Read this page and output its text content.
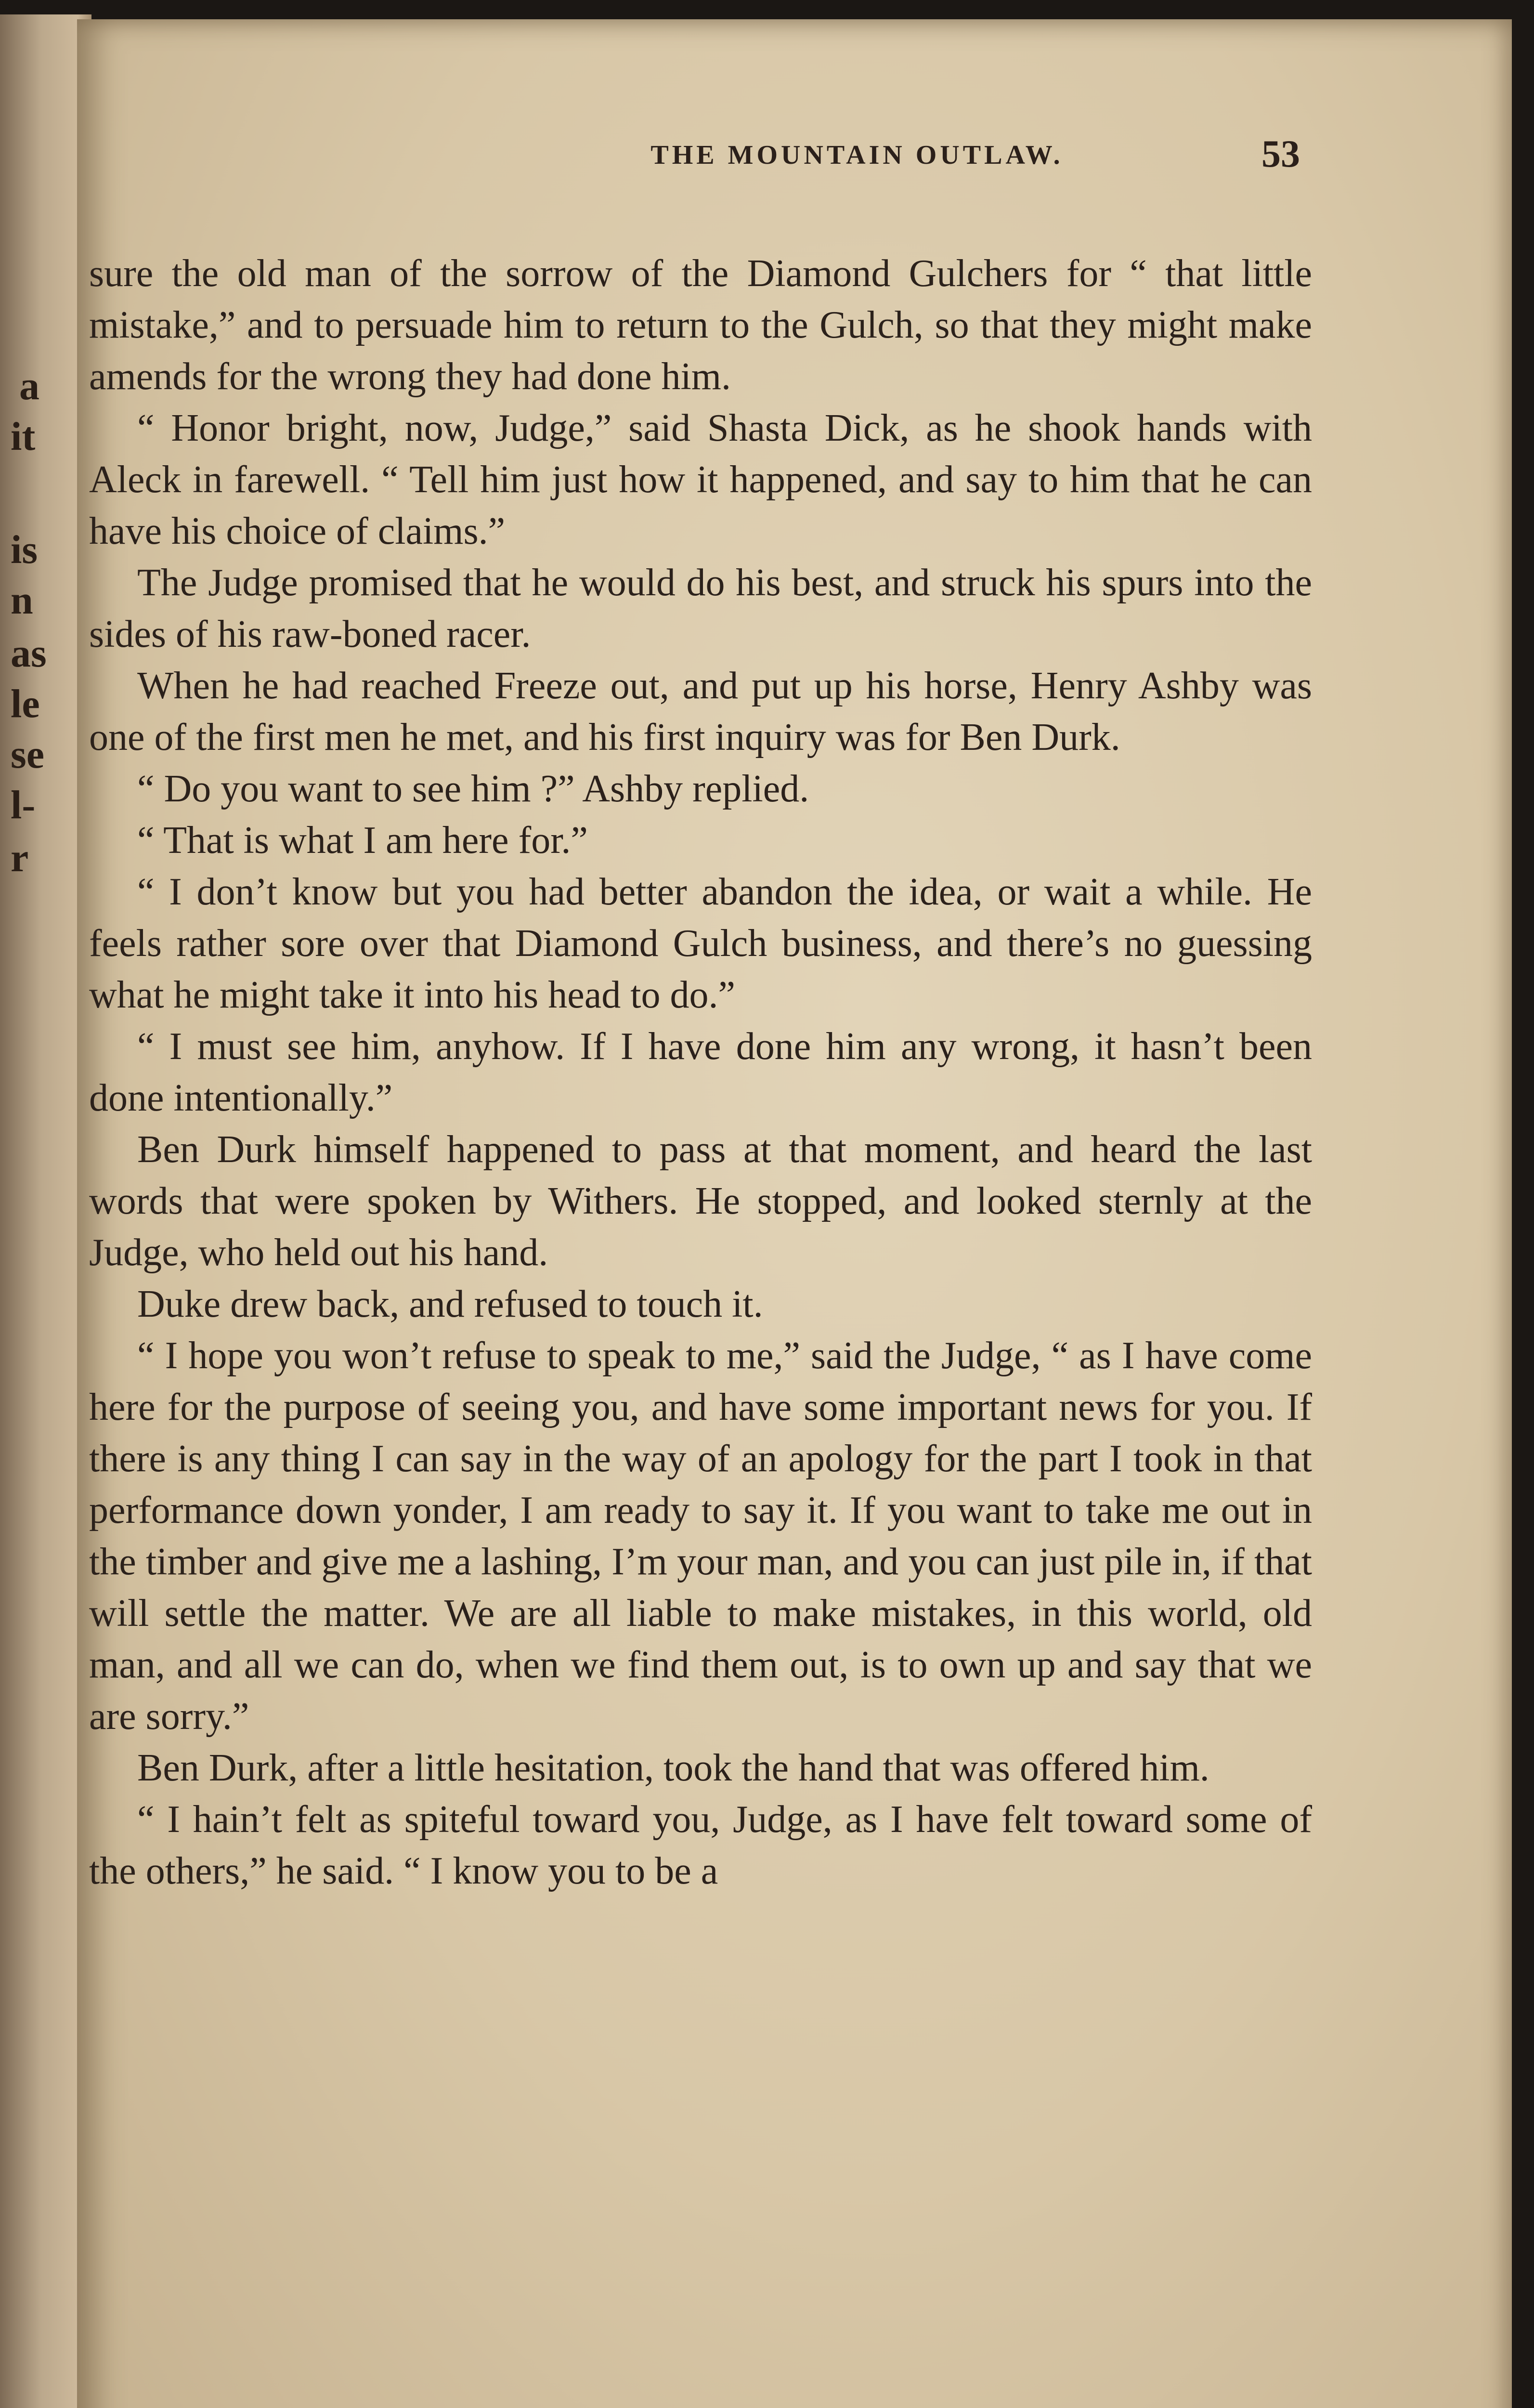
a
it
is
n
as
le
se
l-
r
THE MOUNTAIN OUTLAW.	53

sure the old man of the sorrow of the Diamond Gulchers for “ that little mistake,” and to persuade him to return to the Gulch, so that they might make amends for the wrong they had done him.

“ Honor bright, now, Judge,” said Shasta Dick, as he shook hands with Aleck in farewell. “ Tell him just how it happened, and say to him that he can have his choice of claims.”

The Judge promised that he would do his best, and struck his spurs into the sides of his raw-boned racer.

When he had reached Freeze out, and put up his horse, Henry Ashby was one of the first men he met, and his first inquiry was for Ben Durk.

“ Do you want to see him ?” Ashby replied.

“ That is what I am here for.”

“ I don’t know but you had better abandon the idea, or wait a while. He feels rather sore over that Diamond Gulch business, and there’s no guessing what he might take it into his head to do.”

“ I must see him, anyhow. If I have done him any wrong, it hasn’t been done intentionally.”

Ben Durk himself happened to pass at that moment, and heard the last words that were spoken by Withers. He stopped, and looked sternly at the Judge, who held out his hand.

Duke drew back, and refused to touch it.

“ I hope you won’t refuse to speak to me,” said the Judge, “ as I have come here for the purpose of seeing you, and have some important news for you. If there is any thing I can say in the way of an apology for the part I took in that performance down yonder, I am ready to say it. If you want to take me out in the timber and give me a lashing, I’m your man, and you can just pile in, if that will settle the matter. We are all liable to make mistakes, in this world, old man, and all we can do, when we find them out, is to own up and say that we are sorry.”

Ben Durk, after a little hesitation, took the hand that was offered him.

“ I hain’t felt as spiteful toward you, Judge, as I have felt toward some of the others,” he said. “ I know you to be a
